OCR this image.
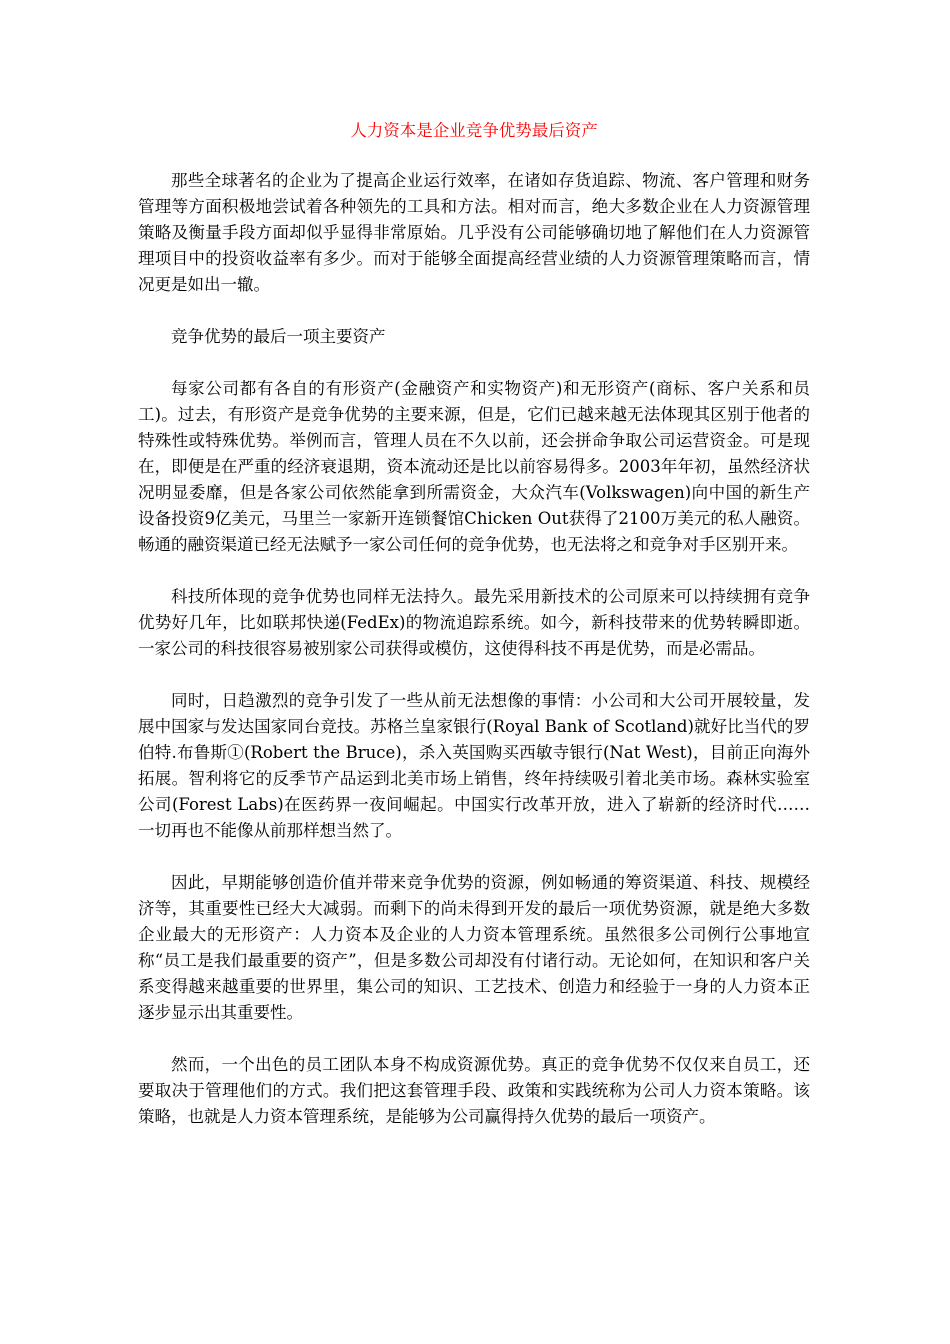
人力资本是企业竞争优势最后资产
那些全球著名的企业为了提高企业运行效率，在诸如存货追踪、物流、客户管理和财务管理等方面积极地尝试着各种领先的工具和方法。相对而言，绝大多数企业在人力资源管理策略及衡量手段方面却似乎显得非常原始。几乎没有公司能够确切地了解他们在人力资源管理项目中的投资收益率有多少。而对于能够全面提高经营业绩的人力资源管理策略而言，情况更是如出一辙。
竞争优势的最后一项主要资产
每家公司都有各自的有形资产(金融资产和实物资产)和无形资产(商标、客户关系和员工)。过去，有形资产是竞争优势的主要来源，但是，它们已越来越无法体现其区别于他者的特殊性或特殊优势。举例而言，管理人员在不久以前，还会拼命争取公司运营资金。可是现在，即便是在严重的经济衰退期，资本流动还是比以前容易得多。2003年年初，虽然经济状况明显委靡，但是各家公司依然能拿到所需资金，大众汽车(Volkswagen)向中国的新生产设备投资9亿美元，马里兰一家新开连锁餐馆Chicken Out获得了2100万美元的私人融资。畅通的融资渠道已经无法赋予一家公司任何的竞争优势，也无法将之和竞争对手区别开来。
科技所体现的竞争优势也同样无法持久。最先采用新技术的公司原来可以持续拥有竞争优势好几年，比如联邦快递(FedEx)的物流追踪系统。如今，新科技带来的优势转瞬即逝。一家公司的科技很容易被别家公司获得或模仿，这使得科技不再是优势，而是必需品。
同时，日趋激烈的竞争引发了一些从前无法想像的事情：小公司和大公司开展较量，发展中国家与发达国家同台竞技。苏格兰皇家银行(Royal Bank of Scotland)就好比当代的罗伯特.布鲁斯①(Robert the Bruce)，杀入英国购买西敏寺银行(Nat West)，目前正向海外拓展。智利将它的反季节产品运到北美市场上销售，终年持续吸引着北美市场。森林实验室公司(Forest Labs)在医药界一夜间崛起。中国实行改革开放，进入了崭新的经济时代……一切再也不能像从前那样想当然了。
因此，早期能够创造价值并带来竞争优势的资源，例如畅通的筹资渠道、科技、规模经济等，其重要性已经大大减弱。而剩下的尚未得到开发的最后一项优势资源，就是绝大多数企业最大的无形资产：人力资本及企业的人力资本管理系统。虽然很多公司例行公事地宣称“员工是我们最重要的资产”，但是多数公司却没有付诸行动。无论如何，在知识和客户关系变得越来越重要的世界里，集公司的知识、工艺技术、创造力和经验于一身的人力资本正逐步显示出其重要性。
然而，一个出色的员工团队本身不构成资源优势。真正的竞争优势不仅仅来自员工，还要取决于管理他们的方式。我们把这套管理手段、政策和实践统称为公司人力资本策略。该策略，也就是人力资本管理系统，是能够为公司赢得持久优势的最后一项资产。
